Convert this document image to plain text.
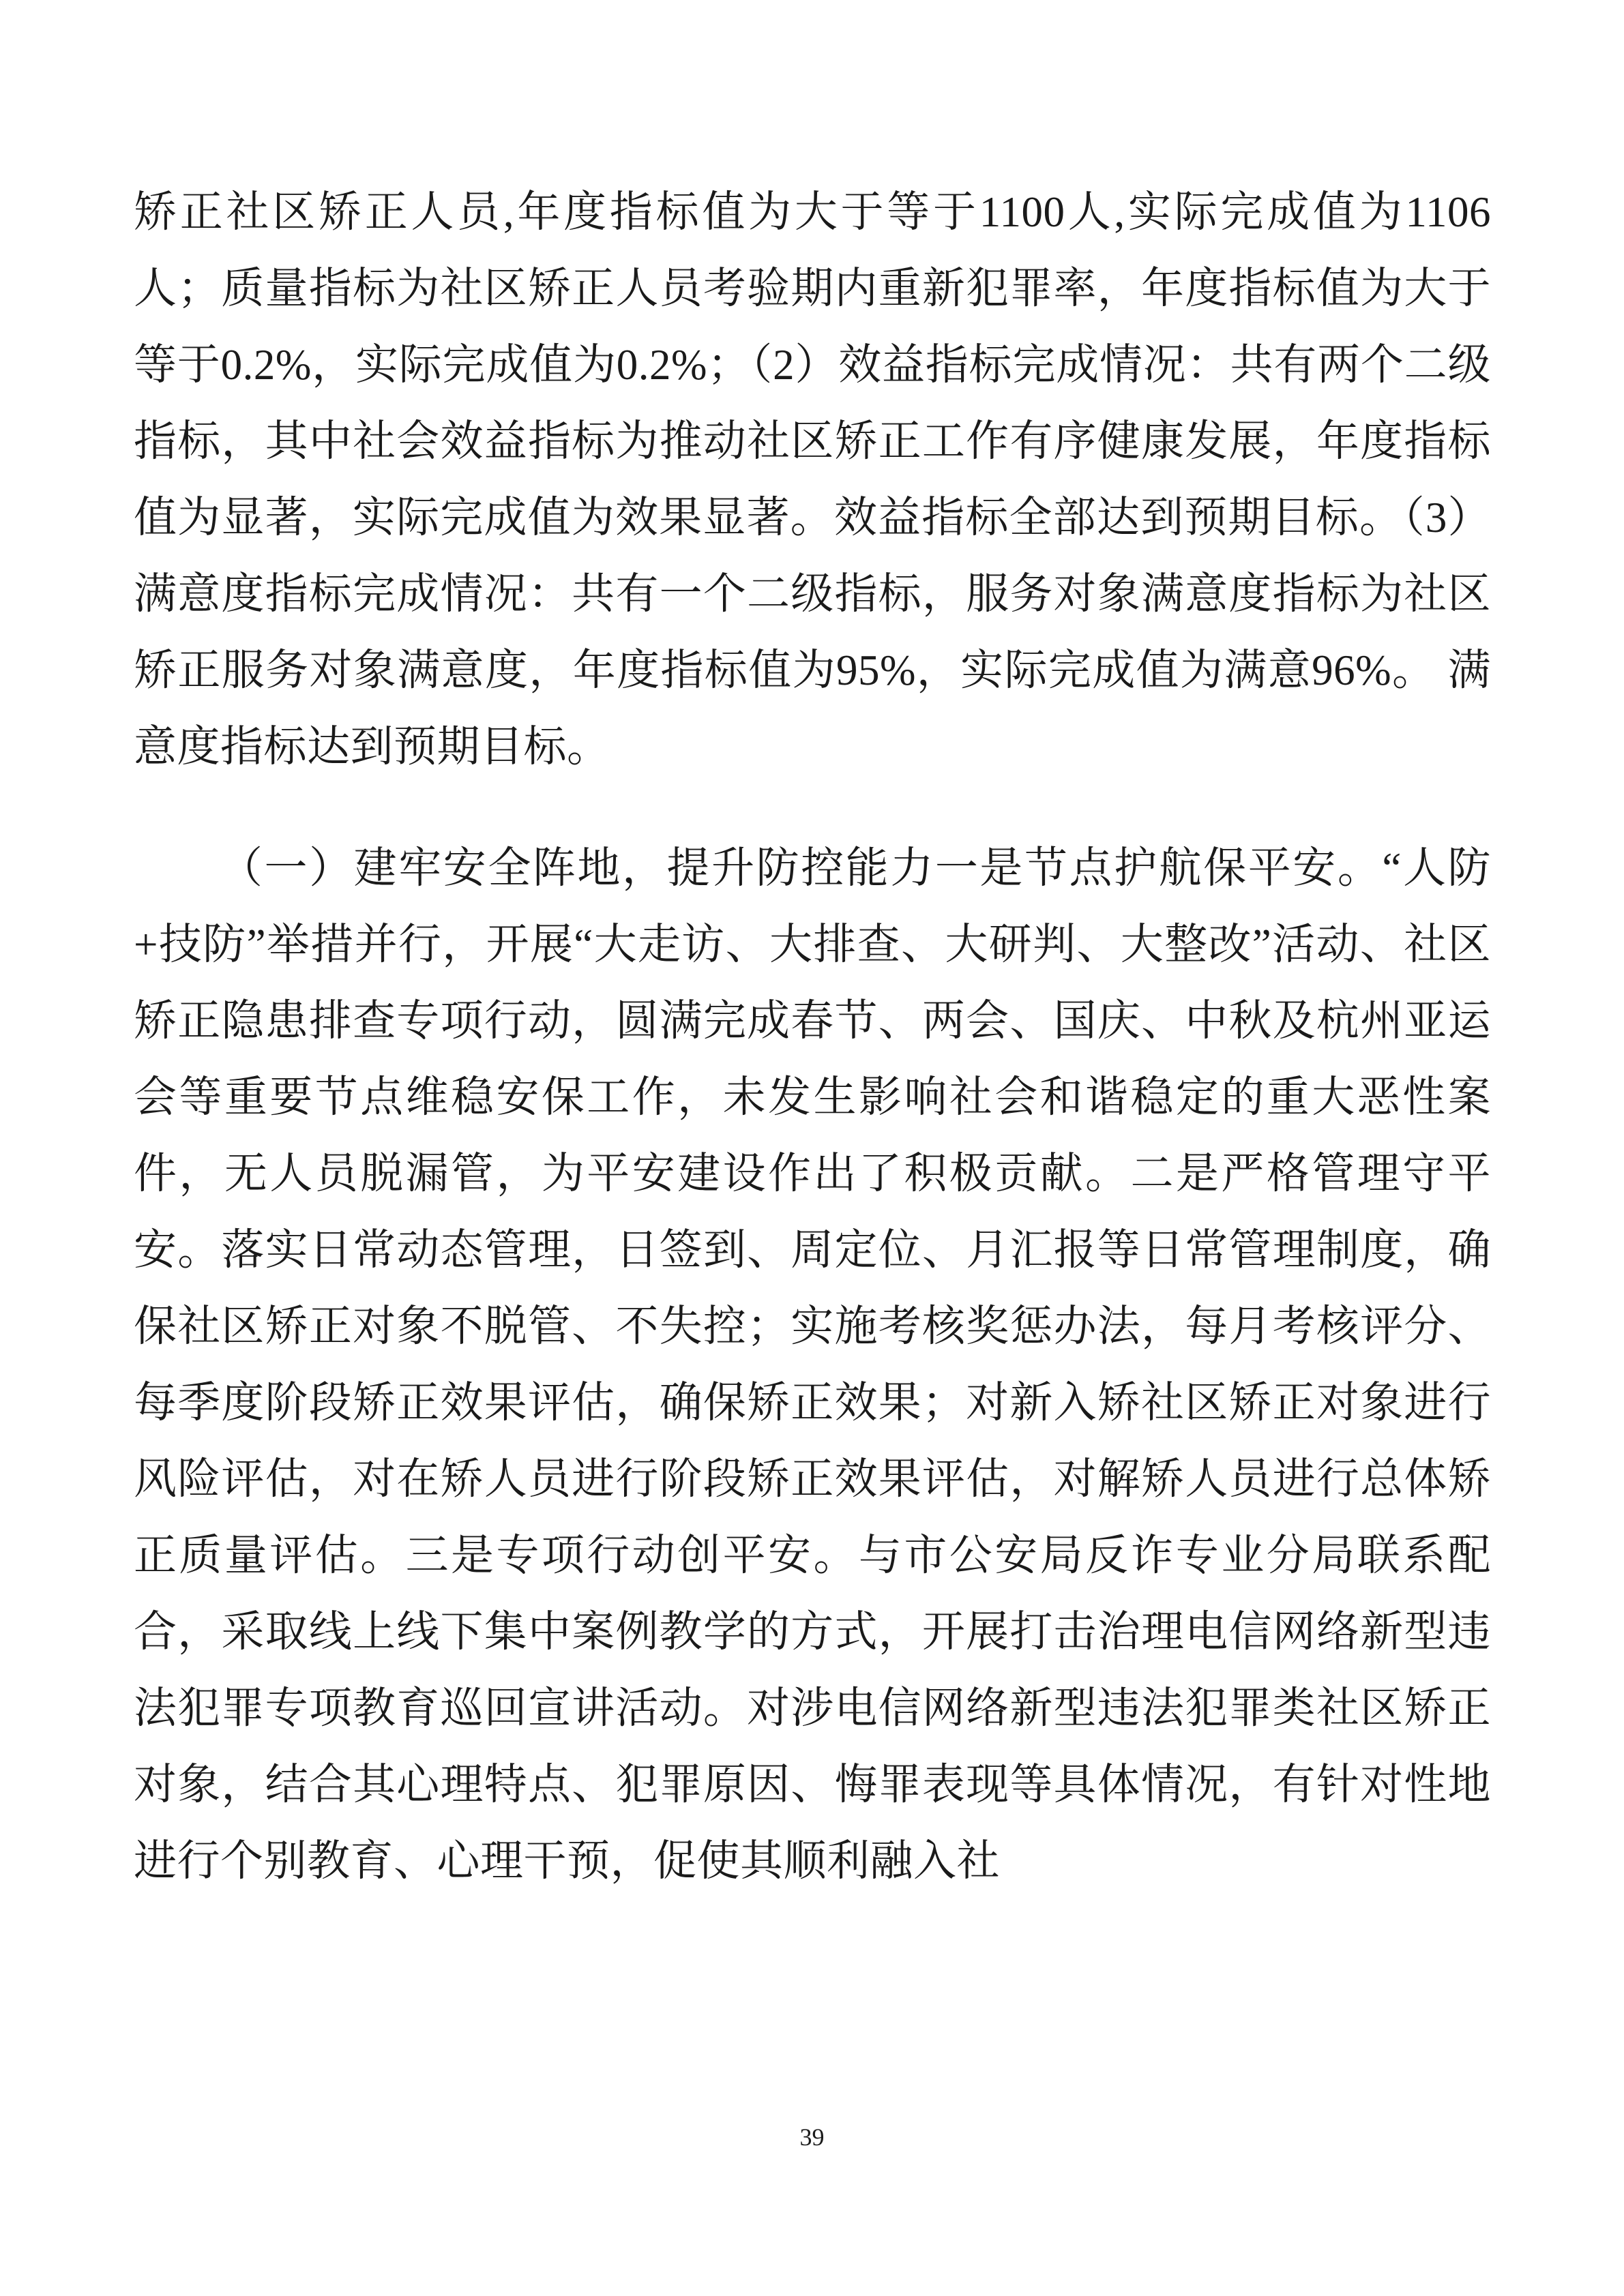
矫正社区矫正人员,年度指标值为大于等于1100人,实际完成值为1106人；质量指标为社区矫正人员考验期内重新犯罪率，年度指标值为大于等于0.2%，实际完成值为0.2%；（2）效益指标完成情况：共有两个二级指标，其中社会效益指标为推动社区矫正工作有序健康发展，年度指标值为显著，实际完成值为效果显著。效益指标全部达到预期目标。（3）满意度指标完成情况：共有一个二级指标，服务对象满意度指标为社区矫正服务对象满意度，年度指标值为95%，实际完成值为满意96%。 满意度指标达到预期目标。

（一）建牢安全阵地，提升防控能力一是节点护航保平安。“人防+技防”举措并行，开展“大走访、大排查、大研判、大整改”活动、社区矫正隐患排查专项行动，圆满完成春节、两会、国庆、中秋及杭州亚运会等重要节点维稳安保工作，未发生影响社会和谐稳定的重大恶性案件，无人员脱漏管，为平安建设作出了积极贡献。二是严格管理守平安。落实日常动态管理，日签到、周定位、月汇报等日常管理制度，确保社区矫正对象不脱管、不失控；实施考核奖惩办法，每月考核评分、每季度阶段矫正效果评估，确保矫正效果；对新入矫社区矫正对象进行风险评估，对在矫人员进行阶段矫正效果评估，对解矫人员进行总体矫正质量评估。三是专项行动创平安。与市公安局反诈专业分局联系配合，采取线上线下集中案例教学的方式，开展打击治理电信网络新型违法犯罪专项教育巡回宣讲活动。对涉电信网络新型违法犯罪类社区矫正对象，结合其心理特点、犯罪原因、悔罪表现等具体情况，有针对性地进行个别教育、心理干预，促使其顺利融入社

39
